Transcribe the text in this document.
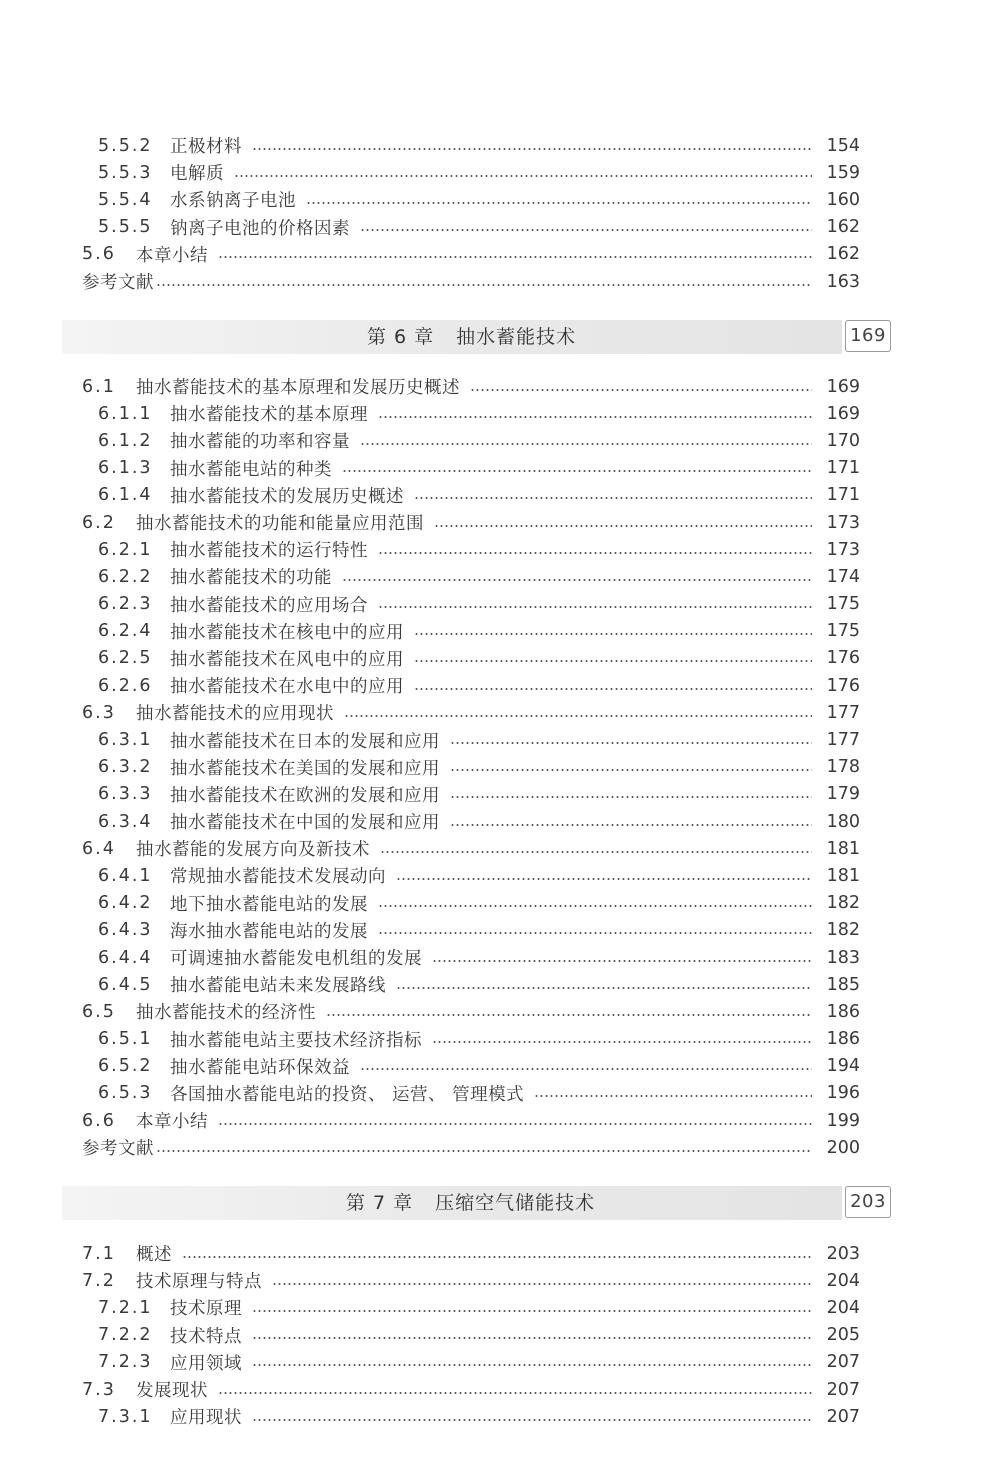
5.5.2 正极材料	154
5.5.3 电解质	159
5.5.4 水系钠离子电池	160
5.5.5 钠离子电池的价格因素	162
5.6	本章小结	162
参考文献	163
第 6 章 抽水蓄能技术	169
6.1	抽水蓄能技术的基本原理和发展历史概述	169
6.1.1 抽水蓄能技术的基本原理	169
6.1.2 抽水蓄能的功率和容量	170
6.1.3 抽水蓄能电站的种类	171
6.1.4 抽水蓄能技术的发展历史概述	171
6.2	抽水蓄能技术的功能和能量应用范围	173
6.2.1 抽水蓄能技术的运行特性	173
6.2.2 抽水蓄能技术的功能	174
6.2.3 抽水蓄能技术的应用场合	175
6.2.4 抽水蓄能技术在核电中的应用	175
6.2.5 抽水蓄能技术在风电中的应用	176
6.2.6 抽水蓄能技术在水电中的应用	176
6.3	抽水蓄能技术的应用现状	177
6.3.1 抽水蓄能技术在日本的发展和应用	177
6.3.2 抽水蓄能技术在美国的发展和应用	178
6.3.3 抽水蓄能技术在欧洲的发展和应用	179
6.3.4 抽水蓄能技术在中国的发展和应用	180
6.4	抽水蓄能的发展方向及新技术	181
6.4.1 常规抽水蓄能技术发展动向	181
6.4.2 地下抽水蓄能电站的发展	182
6.4.3 海水抽水蓄能电站的发展	182
6.4.4 可调速抽水蓄能发电机组的发展	183
6.4.5 抽水蓄能电站未来发展路线	185
6.5	抽水蓄能技术的经济性	186
6.5.1 抽水蓄能电站主要技术经济指标	186
6.5.2 抽水蓄能电站环保效益	194
6.5.3 各国抽水蓄能电站的投资、 运营、 管理模式	196
6.6	本章小结	199
参考文献	200
第 7 章 压缩空气储能技术	203
7.1	概述	203
7.2	技术原理与特点	204
7.2.1 技术原理	204
7.2.2 技术特点	205
7.2.3 应用领域	207
7.3	发展现状	207
7.3.1 应用现状	207
